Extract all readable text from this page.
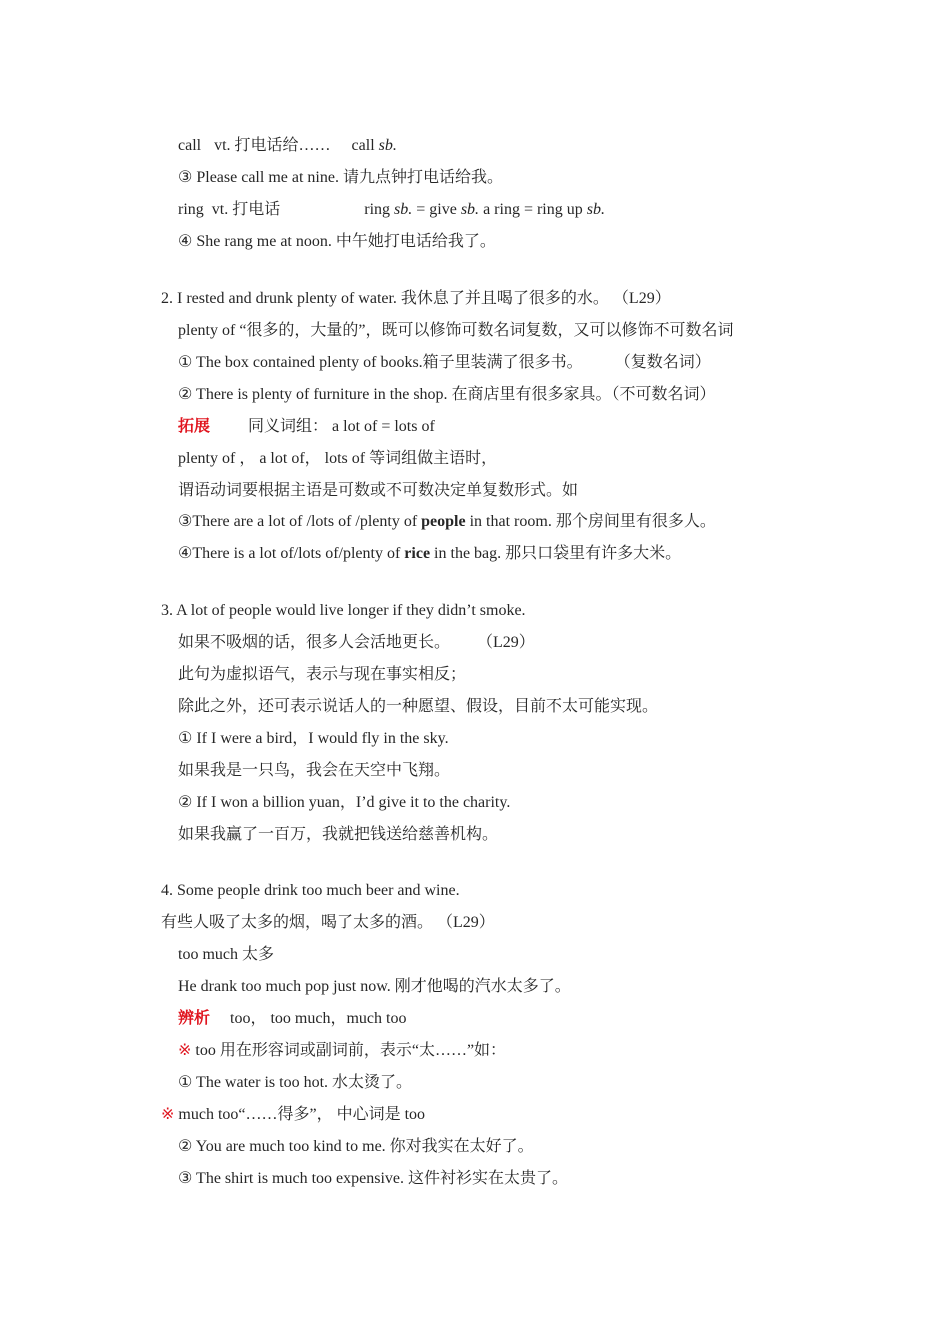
call vt. 打电话给…… call sb.
③ Please call me at nine. 请九点钟打电话给我。
ring vt. 打电话	ring sb. = give sb. a ring = ring up sb.
④ She rang me at noon. 中午她打电话给我了。
2. I rested and drunk plenty of water. 我休息了并且喝了很多的水。 （L29）
plenty of “很多的，大量的”，既可以修饰可数名词复数，又可以修饰不可数名词
① The box contained plenty of books.箱子里装满了很多书。 （复数名词）
② There is plenty of furniture in the shop. 在商店里有很多家具。（不可数名词）
拓展 同义词组： a lot of = lots of
plenty of ， a lot of， lots of 等词组做主语时，
谓语动词要根据主语是可数或不可数决定单复数形式。如
③There are a lot of /lots of /plenty of people in that room. 那个房间里有很多人。
④There is a lot of/lots of/plenty of rice in the bag. 那只口袋里有许多大米。
3. A lot of people would live longer if they didn’t smoke.
如果不吸烟的话，很多人会活地更长。 （L29）
此句为虚拟语气，表示与现在事实相反；
除此之外，还可表示说话人的一种愿望、假设，目前不太可能实现。
① If I were a bird，I would fly in the sky.
如果我是一只鸟，我会在天空中飞翔。
② If I won a billion yuan，I’d give it to the charity.
如果我赢了一百万，我就把钱送给慈善机构。
4. Some people drink too much beer and wine.
有些人吸了太多的烟，喝了太多的酒。 （L29）
too much 太多
He drank too much pop just now. 刚才他喝的汽水太多了。
辨析 too， too much，much too
※ too 用在形容词或副词前，表示“太……”如：
① The water is too hot. 水太烫了。
※ much too“……得多”， 中心词是 too
② You are much too kind to me. 你对我实在太好了。
③ The shirt is much too expensive. 这件衬衫实在太贵了。
